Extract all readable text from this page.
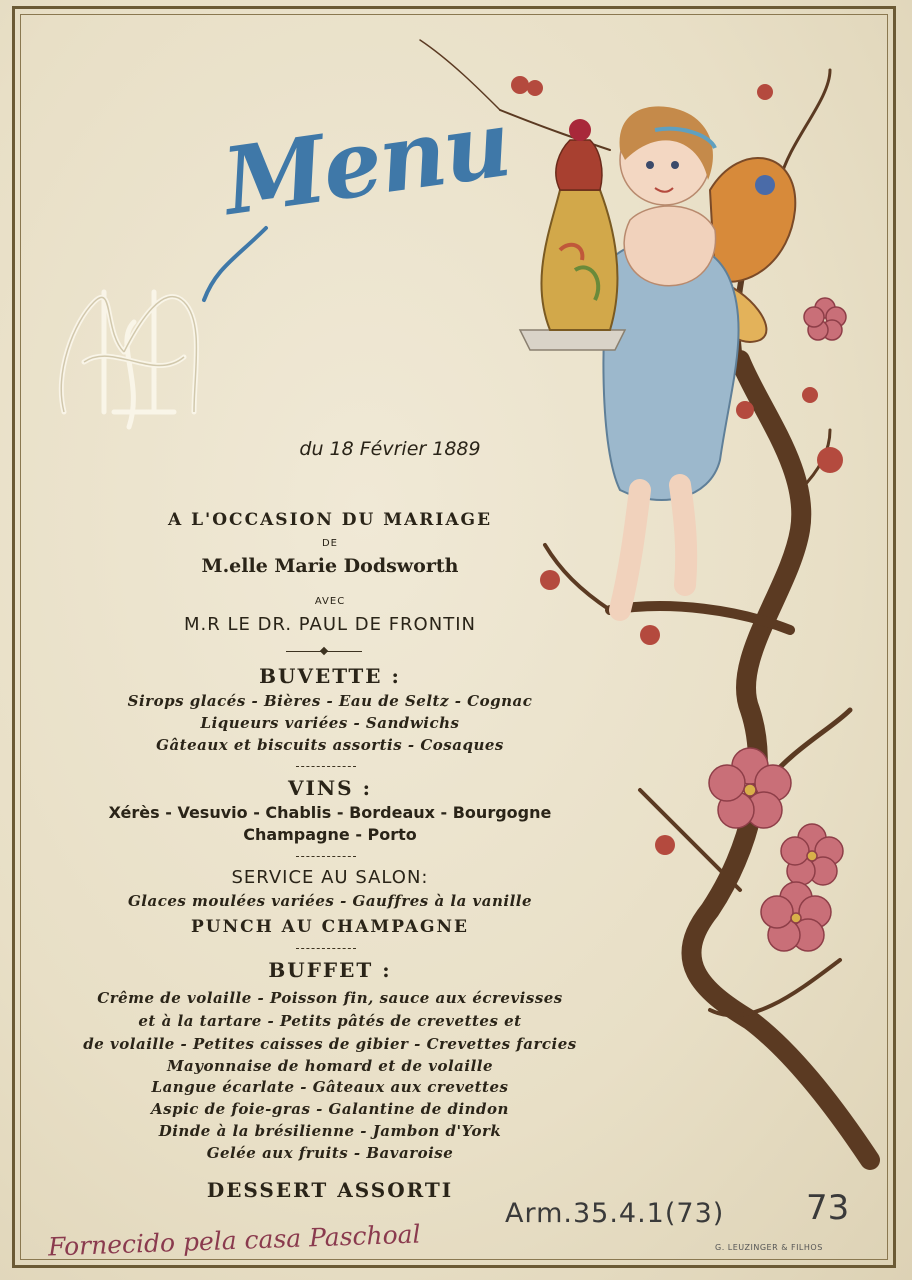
Menu
du 18 Février 1889
A L'OCCASION DU MARIAGE
DE
M.elle Marie Dodsworth
AVEC
M.R LE DR. PAUL DE FRONTIN
BUVETTE :
Sirops glacés - Bières - Eau de Seltz - Cognac
Liqueurs variées - Sandwichs
Gâteaux et biscuits assortis - Cosaques
VINS :
Xérès - Vesuvio - Chablis - Bordeaux - Bourgogne
Champagne - Porto
SERVICE AU SALON:
Glaces moulées variées - Gauffres à la vanille
PUNCH AU CHAMPAGNE
BUFFET :
Crême de volaille - Poisson fin, sauce aux écrevisses
et à la tartare - Petits pâtés de crevettes et
de volaille - Petites caisses de gibier - Crevettes farcies
Mayonnaise de homard et de volaille
Langue écarlate - Gâteaux aux crevettes
Aspic de foie-gras - Galantine de dindon
Dinde à la brésilienne - Jambon d'York
Gelée aux fruits - Bavaroise
DESSERT ASSORTI
Fornecido pela casa Paschoal
Arm.35.4.1(73) 73
G. LEUZINGER & FILHOS
